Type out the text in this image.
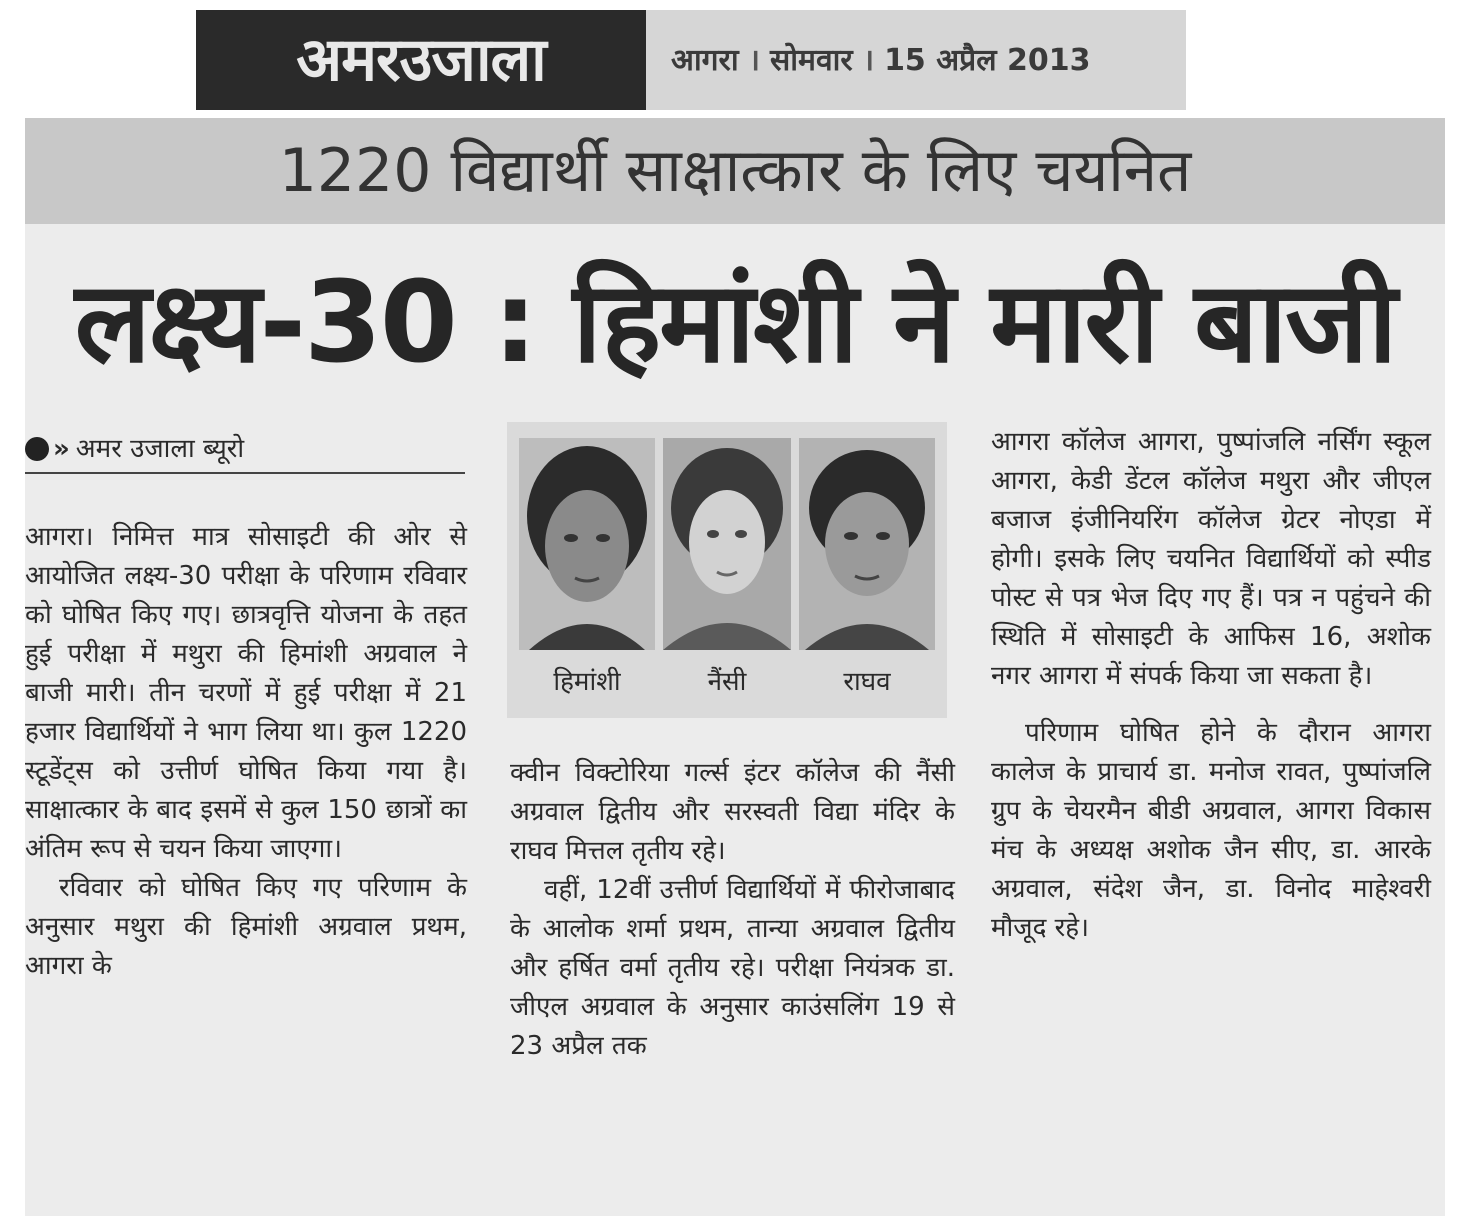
अमरउजाला	आगरा । सोमवार । 15 अप्रैल 2013
1220 विद्यार्थी साक्षात्कार के लिए चयनित
लक्ष्य-30 : हिमांशी ने मारी बाजी
» अमर उजाला ब्यूरो

आगरा। निमित्त मात्र सोसाइटी की ओर से आयोजित लक्ष्य-30 परीक्षा के परिणाम रविवार को घोषित किए गए। छात्रवृत्ति योजना के तहत हुई परीक्षा में मथुरा की हिमांशी अग्रवाल ने बाजी मारी। तीन चरणों में हुई परीक्षा में 21 हजार विद्यार्थियों ने भाग लिया था। कुल 1220 स्टूडेंट्स को उत्तीर्ण घोषित किया गया है। साक्षात्कार के बाद इसमें से कुल 150 छात्रों का अंतिम रूप से चयन किया जाएगा।

रविवार को घोषित किए गए परिणाम के अनुसार मथुरा की हिमांशी अग्रवाल प्रथम, आगरा के

हिमांशी	नैंसी	राघव

क्वीन विक्टोरिया गर्ल्स इंटर कॉलेज की नैंसी अग्रवाल द्वितीय और सरस्वती विद्या मंदिर के राघव मित्तल तृतीय रहे।

वहीं, 12वीं उत्तीर्ण विद्यार्थियों में फीरोजाबाद के आलोक शर्मा प्रथम, तान्या अग्रवाल द्वितीय और हर्षित वर्मा तृतीय रहे। परीक्षा नियंत्रक डा. जीएल अग्रवाल के अनुसार काउंसलिंग 19 से 23 अप्रैल तक

आगरा कॉलेज आगरा, पुष्पांजलि नर्सिंग स्कूल आगरा, केडी डेंटल कॉलेज मथुरा और जीएल बजाज इंजीनियरिंग कॉलेज ग्रेटर नोएडा में होगी। इसके लिए चयनित विद्यार्थियों को स्पीड पोस्ट से पत्र भेज दिए गए हैं। पत्र न पहुंचने की स्थिति में सोसाइटी के आफिस 16, अशोक नगर आगरा में संपर्क किया जा सकता है।

परिणाम घोषित होने के दौरान आगरा कालेज के प्राचार्य डा. मनोज रावत, पुष्पांजलि ग्रुप के चेयरमैन बीडी अग्रवाल, आगरा विकास मंच के अध्यक्ष अशोक जैन सीए, डा. आरके अग्रवाल, संदेश जैन, डा. विनोद माहेश्वरी मौजूद रहे।
